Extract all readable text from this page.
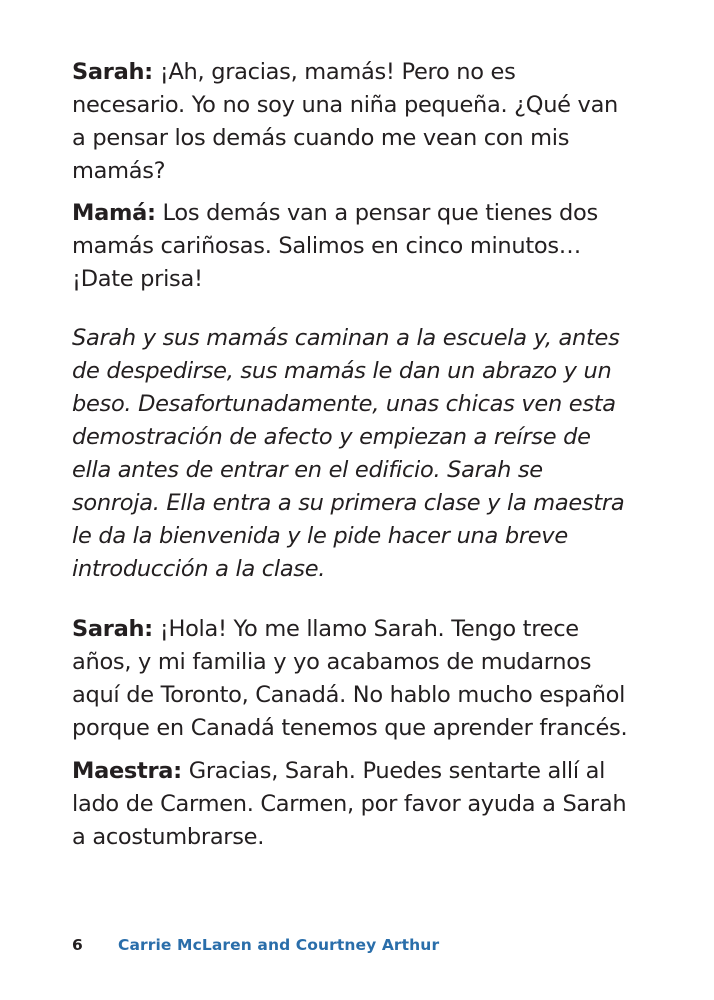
Sarah: ¡Ah, gracias, mamás! Pero no es necesario. Yo no soy una niña pequeña. ¿Qué van a pensar los demás cuando me vean con mis mamás?

Mamá: Los demás van a pensar que tienes dos mamás cariñosas. Salimos en cinco minutos… ¡Date prisa!

Sarah y sus mamás caminan a la escuela y, antes de despedirse, sus mamás le dan un abrazo y un beso. Desafortunadamente, unas chicas ven esta demostración de afecto y empiezan a reírse de ella antes de entrar en el edificio. Sarah se sonroja. Ella entra a su primera clase y la maestra le da la bienvenida y le pide hacer una breve introducción a la clase.

Sarah: ¡Hola! Yo me llamo Sarah. Tengo trece años, y mi familia y yo acabamos de mudarnos aquí de Toronto, Canadá. No hablo mucho español porque en Canadá tenemos que aprender francés.

Maestra: Gracias, Sarah. Puedes sentarte allí al lado de Carmen. Carmen, por favor ayuda a Sarah a acostumbrarse.

6 Carrie McLaren and Courtney Arthur
